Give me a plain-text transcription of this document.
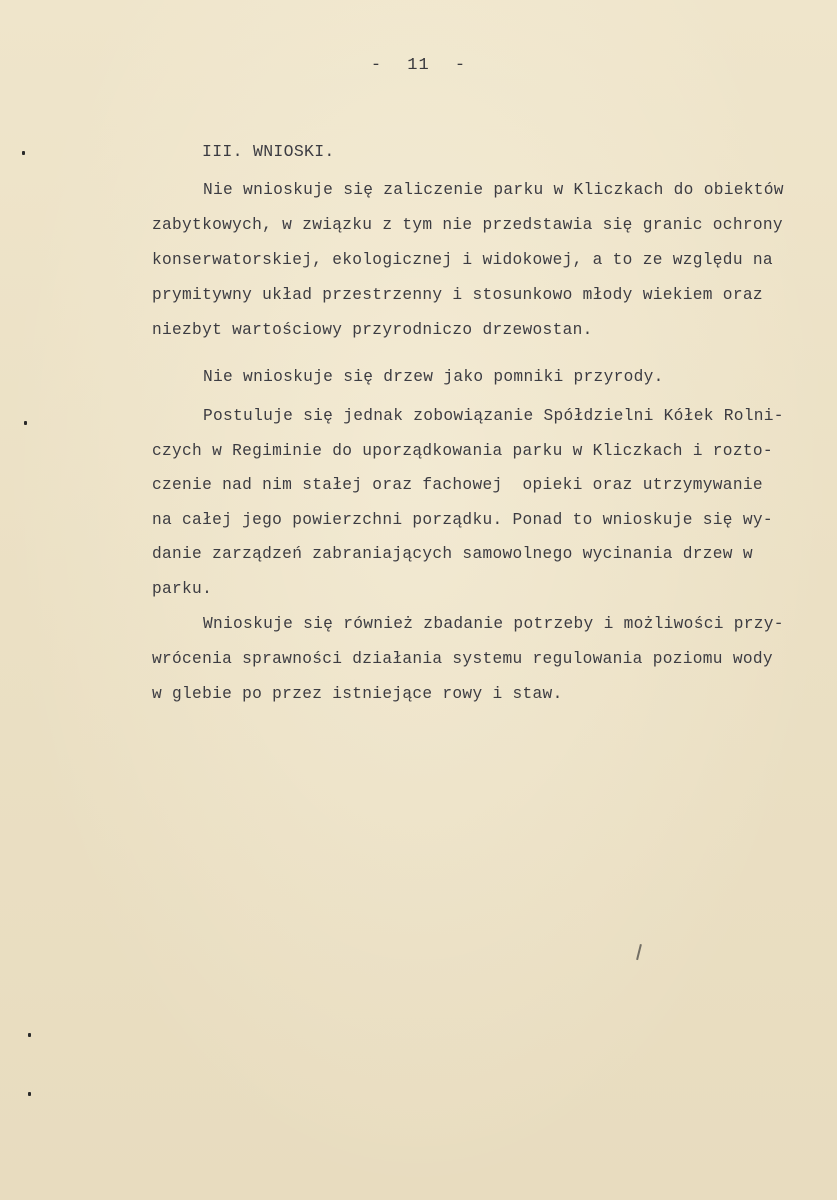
- 11 -
III. WNIOSKI.
Nie wnioskuje się zaliczenie parku w Kliczkach do obiektów
zabytkowych, w związku z tym nie przedstawia się granic ochrony
konserwatorskiej, ekologicznej i widokowej, a to ze względu na
prymitywny układ przestrzenny i stosunkowo młody wiekiem oraz
niezbyt wartościowy przyrodniczo drzewostan.
Nie wnioskuje się drzew jako pomniki przyrody.
Postuluje się jednak zobowiązanie Spółdzielni Kółek Rolni-
czych w Regiminie do uporządkowania parku w Kliczkach i rozto-
czenie nad nim stałej oraz fachowej  opieki oraz utrzymywanie
na całej jego powierzchni porządku. Ponad to wnioskuje się wy-
danie zarządzeń zabraniających samowolnego wycinania drzew w
parku.
Wnioskuje się również zbadanie potrzeby i możliwości przy-
wrócenia sprawności działania systemu regulowania poziomu wody
w glebie po przez istniejące rowy i staw.
